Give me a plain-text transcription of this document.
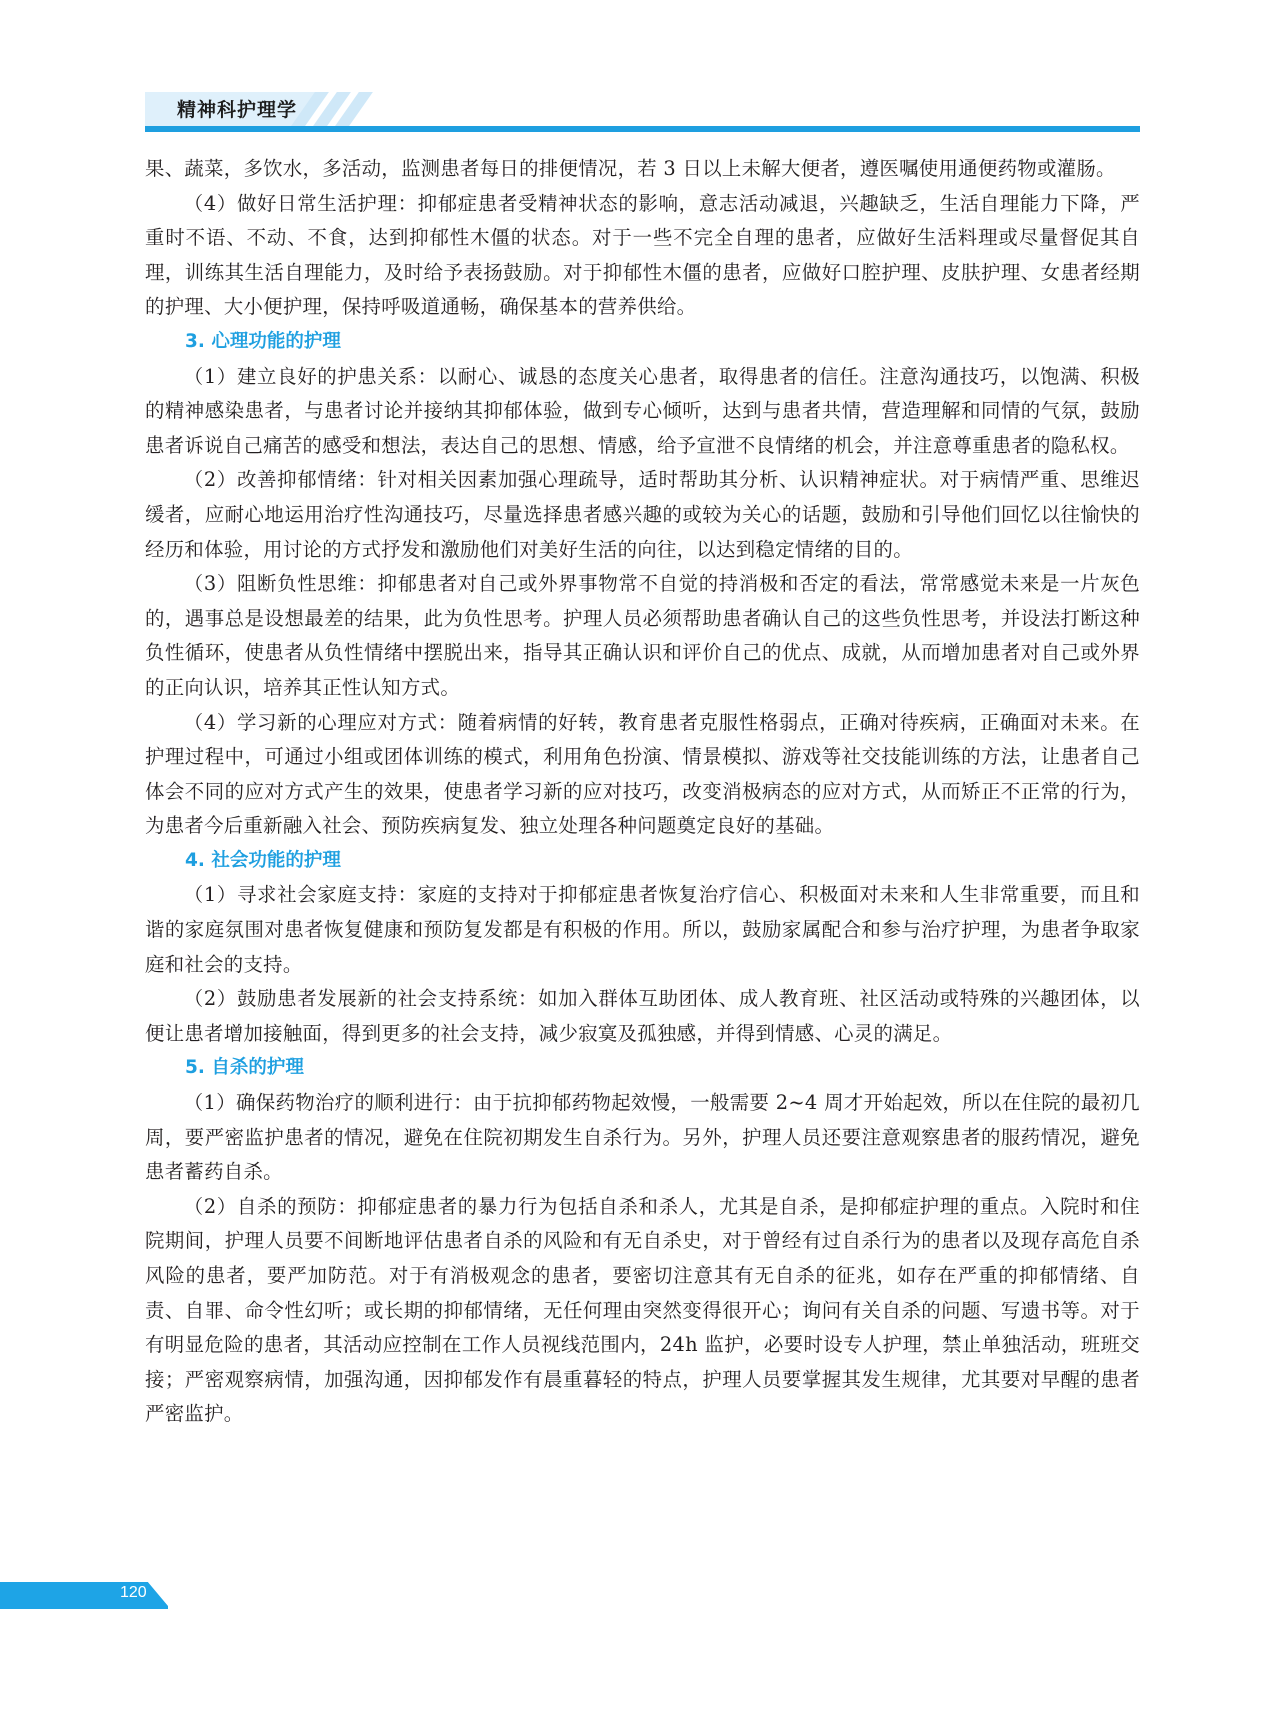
精神科护理学

果、蔬菜，多饮水，多活动，监测患者每日的排便情况，若 3 日以上未解大便者，遵医嘱使用通便药物或灌肠。

（4）做好日常生活护理：抑郁症患者受精神状态的影响，意志活动减退，兴趣缺乏，生活自理能力下降，严重时不语、不动、不食，达到抑郁性木僵的状态。对于一些不完全自理的患者，应做好生活料理或尽量督促其自理，训练其生活自理能力，及时给予表扬鼓励。对于抑郁性木僵的患者，应做好口腔护理、皮肤护理、女患者经期的护理、大小便护理，保持呼吸道通畅，确保基本的营养供给。

3. 心理功能的护理

（1）建立良好的护患关系：以耐心、诚恳的态度关心患者，取得患者的信任。注意沟通技巧，以饱满、积极的精神感染患者，与患者讨论并接纳其抑郁体验，做到专心倾听，达到与患者共情，营造理解和同情的气氛，鼓励患者诉说自己痛苦的感受和想法，表达自己的思想、情感，给予宣泄不良情绪的机会，并注意尊重患者的隐私权。

（2）改善抑郁情绪：针对相关因素加强心理疏导，适时帮助其分析、认识精神症状。对于病情严重、思维迟缓者，应耐心地运用治疗性沟通技巧，尽量选择患者感兴趣的或较为关心的话题，鼓励和引导他们回忆以往愉快的经历和体验，用讨论的方式抒发和激励他们对美好生活的向往，以达到稳定情绪的目的。

（3）阻断负性思维：抑郁患者对自己或外界事物常不自觉的持消极和否定的看法，常常感觉未来是一片灰色的，遇事总是设想最差的结果，此为负性思考。护理人员必须帮助患者确认自己的这些负性思考，并设法打断这种负性循环，使患者从负性情绪中摆脱出来，指导其正确认识和评价自己的优点、成就，从而增加患者对自己或外界的正向认识，培养其正性认知方式。

（4）学习新的心理应对方式：随着病情的好转，教育患者克服性格弱点，正确对待疾病，正确面对未来。在护理过程中，可通过小组或团体训练的模式，利用角色扮演、情景模拟、游戏等社交技能训练的方法，让患者自己体会不同的应对方式产生的效果，使患者学习新的应对技巧，改变消极病态的应对方式，从而矫正不正常的行为，为患者今后重新融入社会、预防疾病复发、独立处理各种问题奠定良好的基础。

4. 社会功能的护理

（1）寻求社会家庭支持：家庭的支持对于抑郁症患者恢复治疗信心、积极面对未来和人生非常重要，而且和谐的家庭氛围对患者恢复健康和预防复发都是有积极的作用。所以，鼓励家属配合和参与治疗护理，为患者争取家庭和社会的支持。

（2）鼓励患者发展新的社会支持系统：如加入群体互助团体、成人教育班、社区活动或特殊的兴趣团体，以便让患者增加接触面，得到更多的社会支持，减少寂寞及孤独感，并得到情感、心灵的满足。

5. 自杀的护理

（1）确保药物治疗的顺利进行：由于抗抑郁药物起效慢，一般需要 2~4 周才开始起效，所以在住院的最初几周，要严密监护患者的情况，避免在住院初期发生自杀行为。另外，护理人员还要注意观察患者的服药情况，避免患者蓄药自杀。

（2）自杀的预防：抑郁症患者的暴力行为包括自杀和杀人，尤其是自杀，是抑郁症护理的重点。入院时和住院期间，护理人员要不间断地评估患者自杀的风险和有无自杀史，对于曾经有过自杀行为的患者以及现存高危自杀风险的患者，要严加防范。对于有消极观念的患者，要密切注意其有无自杀的征兆，如存在严重的抑郁情绪、自责、自罪、命令性幻听；或长期的抑郁情绪，无任何理由突然变得很开心；询问有关自杀的问题、写遗书等。对于有明显危险的患者，其活动应控制在工作人员视线范围内，24h 监护，必要时设专人护理，禁止单独活动，班班交接；严密观察病情，加强沟通，因抑郁发作有晨重暮轻的特点，护理人员要掌握其发生规律，尤其要对早醒的患者严密监护。

120
